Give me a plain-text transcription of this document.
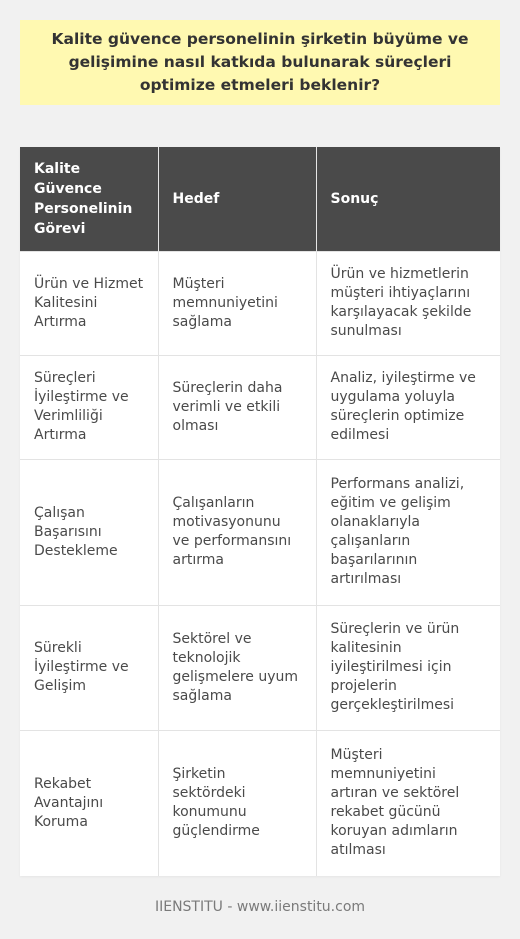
Kalite güvence personelinin şirketin büyüme ve gelişimine nasıl katkıda bulunarak süreçleri optimize etmeleri beklenir?
Kalite Güvence Personelinin Görevi	Hedef	Sonuç
Ürün ve Hizmet Kalitesini Artırma	Müşteri memnuniyetini sağlama	Ürün ve hizmetlerin müşteri ihtiyaçlarını karşılayacak şekilde sunulması
Süreçleri İyileştirme ve Verimliliği Artırma	Süreçlerin daha verimli ve etkili olması	Analiz, iyileştirme ve uygulama yoluyla süreçlerin optimize edilmesi
Çalışan Başarısını Destekleme	Çalışanların motivasyonunu ve performansını artırma	Performans analizi, eğitim ve gelişim olanaklarıyla çalışanların başarılarının artırılması
Sürekli İyileştirme ve Gelişim	Sektörel ve teknolojik gelişmelere uyum sağlama	Süreçlerin ve ürün kalitesinin iyileştirilmesi için projelerin gerçekleştirilmesi
Rekabet Avantajını Koruma	Şirketin sektördeki konumunu güçlendirme	Müşteri memnuniyetini artıran ve sektörel rekabet gücünü koruyan adımların atılması
IIENSTITU - www.iienstitu.com
